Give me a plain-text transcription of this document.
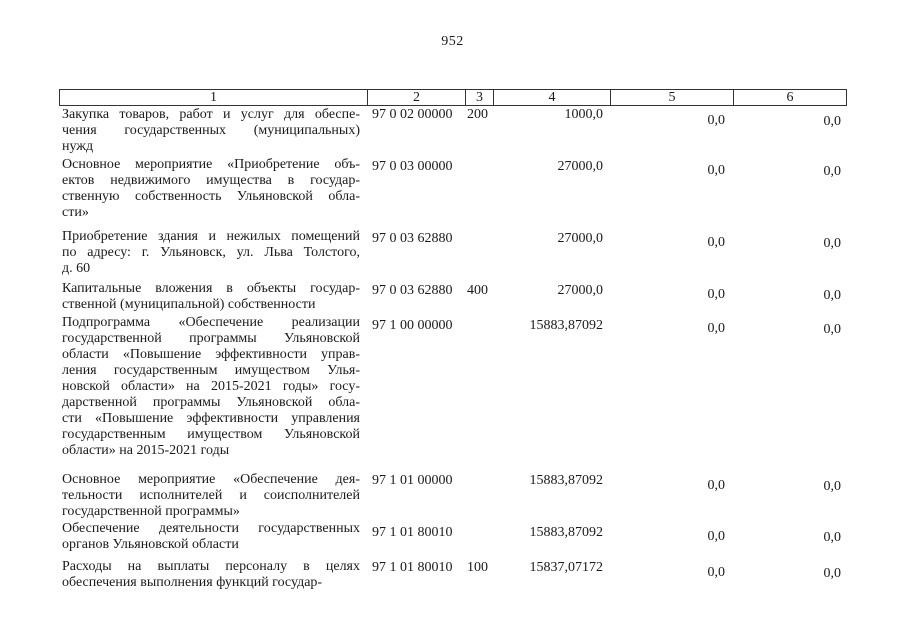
952
1	2	3	4	5	6
Закупка товаров, работ и услуг для обеспе-
чения государственных (муниципальных)
нужд
97 0 02 00000 200	1000,0	0,0	0,0
Основное мероприятие «Приобретение объ-
ектов недвижимого имущества в государ-
ственную собственность Ульяновской обла-
сти»
97 0 03 00000	27000,0	0,0	0,0
Приобретение здания и нежилых помещений
по адресу: г. Ульяновск, ул. Льва Толстого,
д. 60
97 0 03 62880	27000,0	0,0	0,0
Капитальные вложения в объекты государ-
ственной (муниципальной) собственности
97 0 03 62880 400	27000,0	0,0	0,0
Подпрограмма «Обеспечение реализации
государственной программы Ульяновской
области «Повышение эффективности управ-
ления государственным имуществом Улья-
новской области» на 2015-2021 годы» госу-
дарственной программы Ульяновской обла-
сти «Повышение эффективности управления
государственным имуществом Ульяновской
области» на 2015-2021 годы
97 1 00 00000	15883,87092	0,0	0,0
Основное мероприятие «Обеспечение дея-
тельности исполнителей и соисполнителей
государственной программы»
97 1 01 00000	15883,87092	0,0	0,0
Обеспечение деятельности государственных
органов Ульяновской области
97 1 01 80010	15883,87092	0,0	0,0
Расходы на выплаты персоналу в целях
обеспечения выполнения функций государ-
97 1 01 80010 100	15837,07172	0,0	0,0
